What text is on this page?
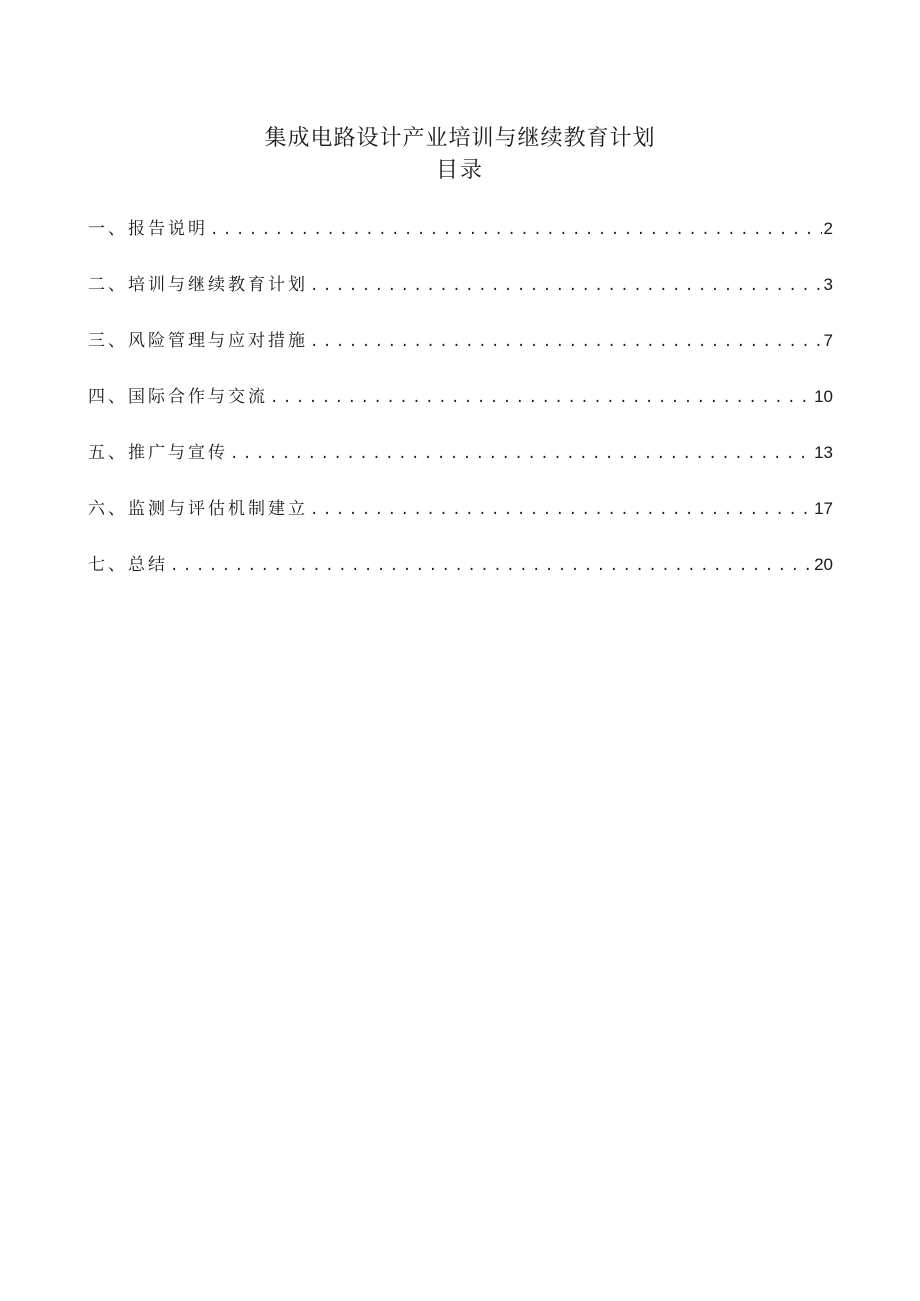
集成电路设计产业培训与继续教育计划
目录
一、 报告说明 .....	2
二、 培训与继续教育计划 .....	3
三、 风险管理与应对措施 .....	7
四、 国际合作与交流 .....	10
五、 推广与宣传 .....	13
六、 监测与评估机制建立 .....	17
七、 总结 .....	20
